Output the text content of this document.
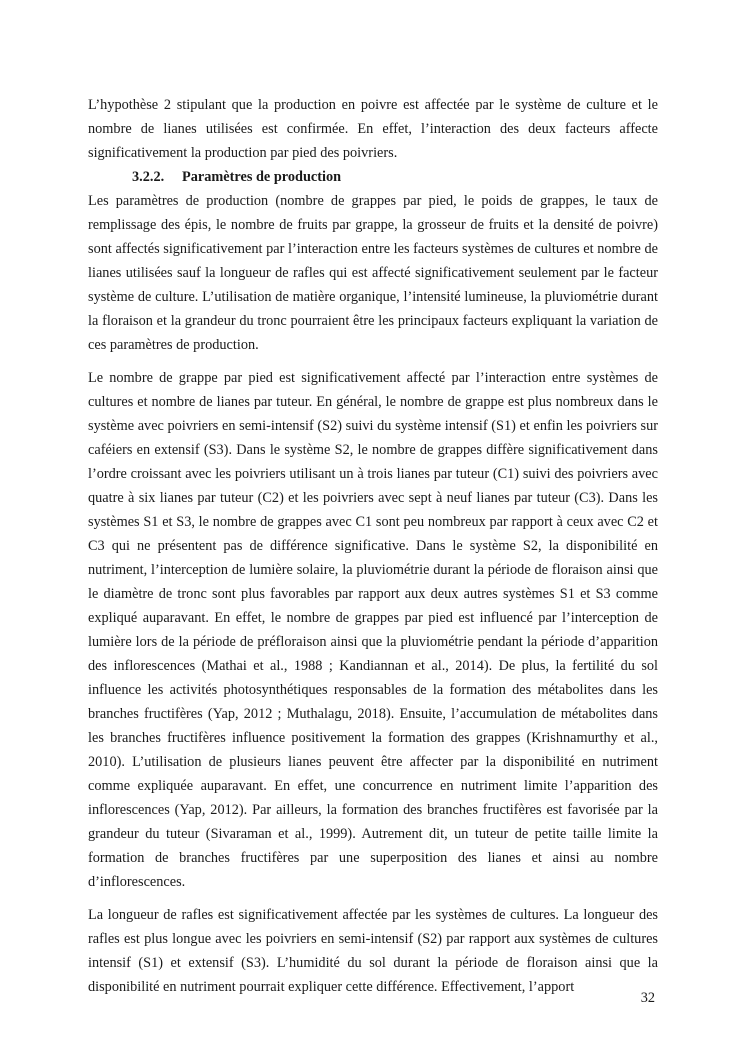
L’hypothèse 2 stipulant que la production en poivre est affectée par le système de culture et le nombre de lianes utilisées est confirmée. En effet, l’interaction des deux facteurs affecte significativement la production par pied des poivriers.

3.2.2. Paramètres de production

Les paramètres de production (nombre de grappes par pied, le poids de grappes, le taux de remplissage des épis, le nombre de fruits par grappe, la grosseur de fruits et la densité de poivre) sont affectés significativement par l’interaction entre les facteurs systèmes de cultures et nombre de lianes utilisées sauf la longueur de rafles qui est affecté significativement seulement par le facteur système de culture. L’utilisation de matière organique, l’intensité lumineuse, la pluviométrie durant la floraison et la grandeur du tronc pourraient être les principaux facteurs expliquant la variation de ces paramètres de production.

Le nombre de grappe par pied est significativement affecté par l’interaction entre systèmes de cultures et nombre de lianes par tuteur. En général, le nombre de grappe est plus nombreux dans le système avec poivriers en semi-intensif (S2) suivi du système intensif (S1) et enfin les poivriers sur caféiers en extensif (S3). Dans le système S2, le nombre de grappes diffère significativement dans l’ordre croissant avec les poivriers utilisant un à trois lianes par tuteur (C1) suivi des poivriers avec quatre à six lianes par tuteur (C2) et les poivriers avec sept à neuf lianes par tuteur (C3). Dans les systèmes S1 et S3, le nombre de grappes avec C1 sont peu nombreux par rapport à ceux avec C2 et C3 qui ne présentent pas de différence significative. Dans le système S2, la disponibilité en nutriment, l’interception de lumière solaire, la pluviométrie durant la période de floraison ainsi que le diamètre de tronc sont plus favorables par rapport aux deux autres systèmes S1 et S3 comme expliqué auparavant. En effet, le nombre de grappes par pied est influencé par l’interception de lumière lors de la période de préfloraison ainsi que la pluviométrie pendant la période d’apparition des inflorescences (Mathai et al., 1988 ; Kandiannan et al., 2014). De plus, la fertilité du sol influence les activités photosynthétiques responsables de la formation des métabolites dans les branches fructifères (Yap, 2012 ; Muthalagu, 2018). Ensuite, l’accumulation de métabolites dans les branches fructifères influence positivement la formation des grappes (Krishnamurthy et al., 2010). L’utilisation de plusieurs lianes peuvent être affecter par la disponibilité en nutriment comme expliquée auparavant. En effet, une concurrence en nutriment limite l’apparition des inflorescences (Yap, 2012). Par ailleurs, la formation des branches fructifères est favorisée par la grandeur du tuteur (Sivaraman et al., 1999). Autrement dit, un tuteur de petite taille limite la formation de branches fructifères par une superposition des lianes et ainsi au nombre d’inflorescences.

La longueur de rafles est significativement affectée par les systèmes de cultures. La longueur des rafles est plus longue avec les poivriers en semi-intensif (S2) par rapport aux systèmes de cultures intensif (S1) et extensif (S3). L’humidité du sol durant la période de floraison ainsi que la disponibilité en nutriment pourrait expliquer cette différence. Effectivement, l’apport

32
